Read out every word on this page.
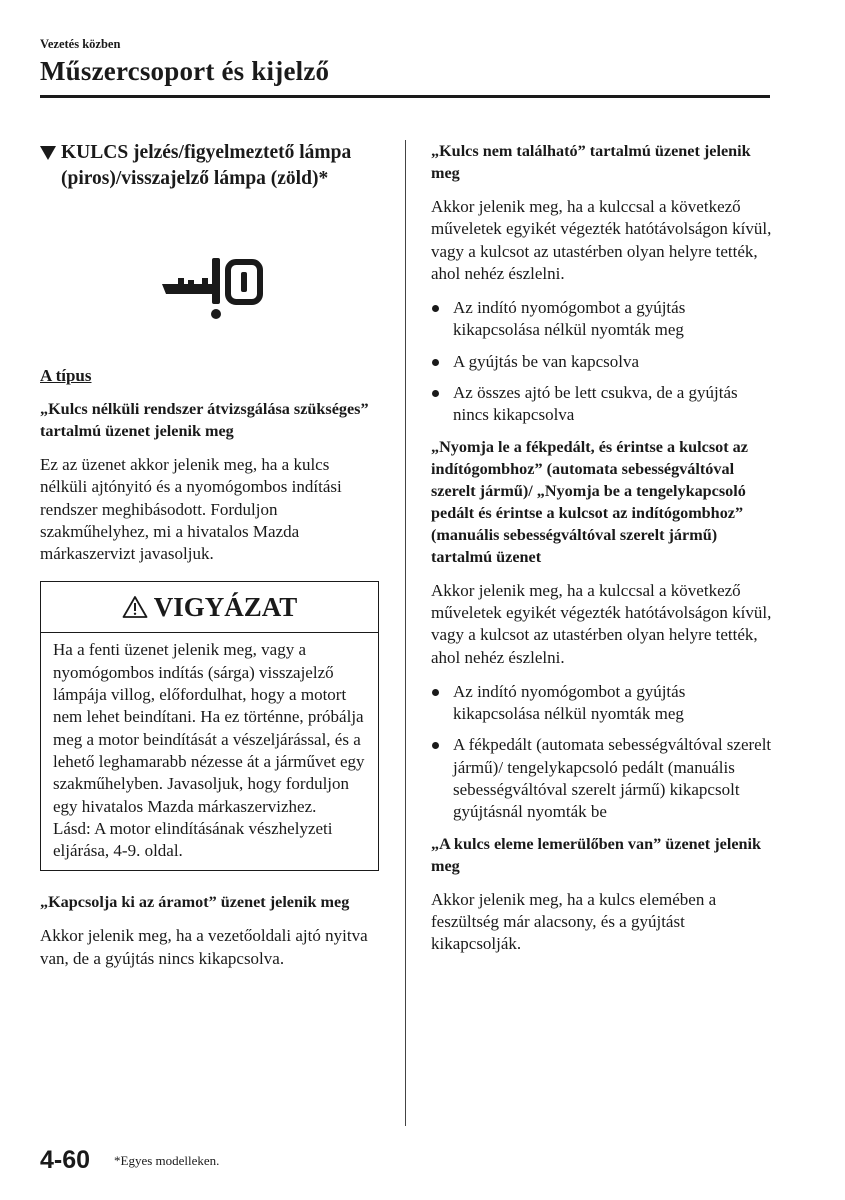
Vezetés közben
Műszercsoport és kijelző
KULCS jelzés/figyelmeztető lámpa (piros)/visszajelző lámpa (zöld)*
A típus
„Kulcs nélküli rendszer átvizsgálása szükséges” tartalmú üzenet jelenik meg
Ez az üzenet akkor jelenik meg, ha a kulcs nélküli ajtónyitó és a nyomógombos indítási rendszer meghibásodott. Forduljon szakműhelyhez, mi a hivatalos Mazda márkaszervizt javasoljuk.
VIGYÁZAT
Ha a fenti üzenet jelenik meg, vagy a nyomógombos indítás (sárga) visszajelző lámpája villog, előfordulhat, hogy a motort nem lehet beindítani. Ha ez történne, próbálja meg a motor beindítását a vészeljárással, és a lehető leghamarabb nézesse át a járművet egy szakműhelyben. Javasoljuk, hogy forduljon egy hivatalos Mazda márkaszervizhez.
Lásd: A motor elindításának vészhelyzeti eljárása, 4-9. oldal.
„Kapcsolja ki az áramot” üzenet jelenik meg
Akkor jelenik meg, ha a vezetőoldali ajtó nyitva van, de a gyújtás nincs kikapcsolva.
„Kulcs nem található” tartalmú üzenet jelenik meg
Akkor jelenik meg, ha a kulccsal a következő műveletek egyikét végezték hatótávolságon kívül, vagy a kulcsot az utastérben olyan helyre tették, ahol nehéz észlelni.
Az indító nyomógombot a gyújtás kikapcsolása nélkül nyomták meg
A gyújtás be van kapcsolva
Az összes ajtó be lett csukva, de a gyújtás nincs kikapcsolva
„Nyomja le a fékpedált, és érintse a kulcsot az indítógombhoz” (automata sebességváltóval szerelt jármű)/ „Nyomja be a tengelykapcsoló pedált és érintse a kulcsot az indítógombhoz” (manuális sebességváltóval szerelt jármű) tartalmú üzenet
Akkor jelenik meg, ha a kulccsal a következő műveletek egyikét végezték hatótávolságon kívül, vagy a kulcsot az utastérben olyan helyre tették, ahol nehéz észlelni.
Az indító nyomógombot a gyújtás kikapcsolása nélkül nyomták meg
A fékpedált (automata sebességváltóval szerelt jármű)/ tengelykapcsoló pedált (manuális sebességváltóval szerelt jármű) kikapcsolt gyújtásnál nyomták be
„A kulcs eleme lemerülőben van” üzenet jelenik meg
Akkor jelenik meg, ha a kulcs elemében a feszültség már alacsony, és a gyújtást kikapcsolják.
4-60 *Egyes modelleken.
